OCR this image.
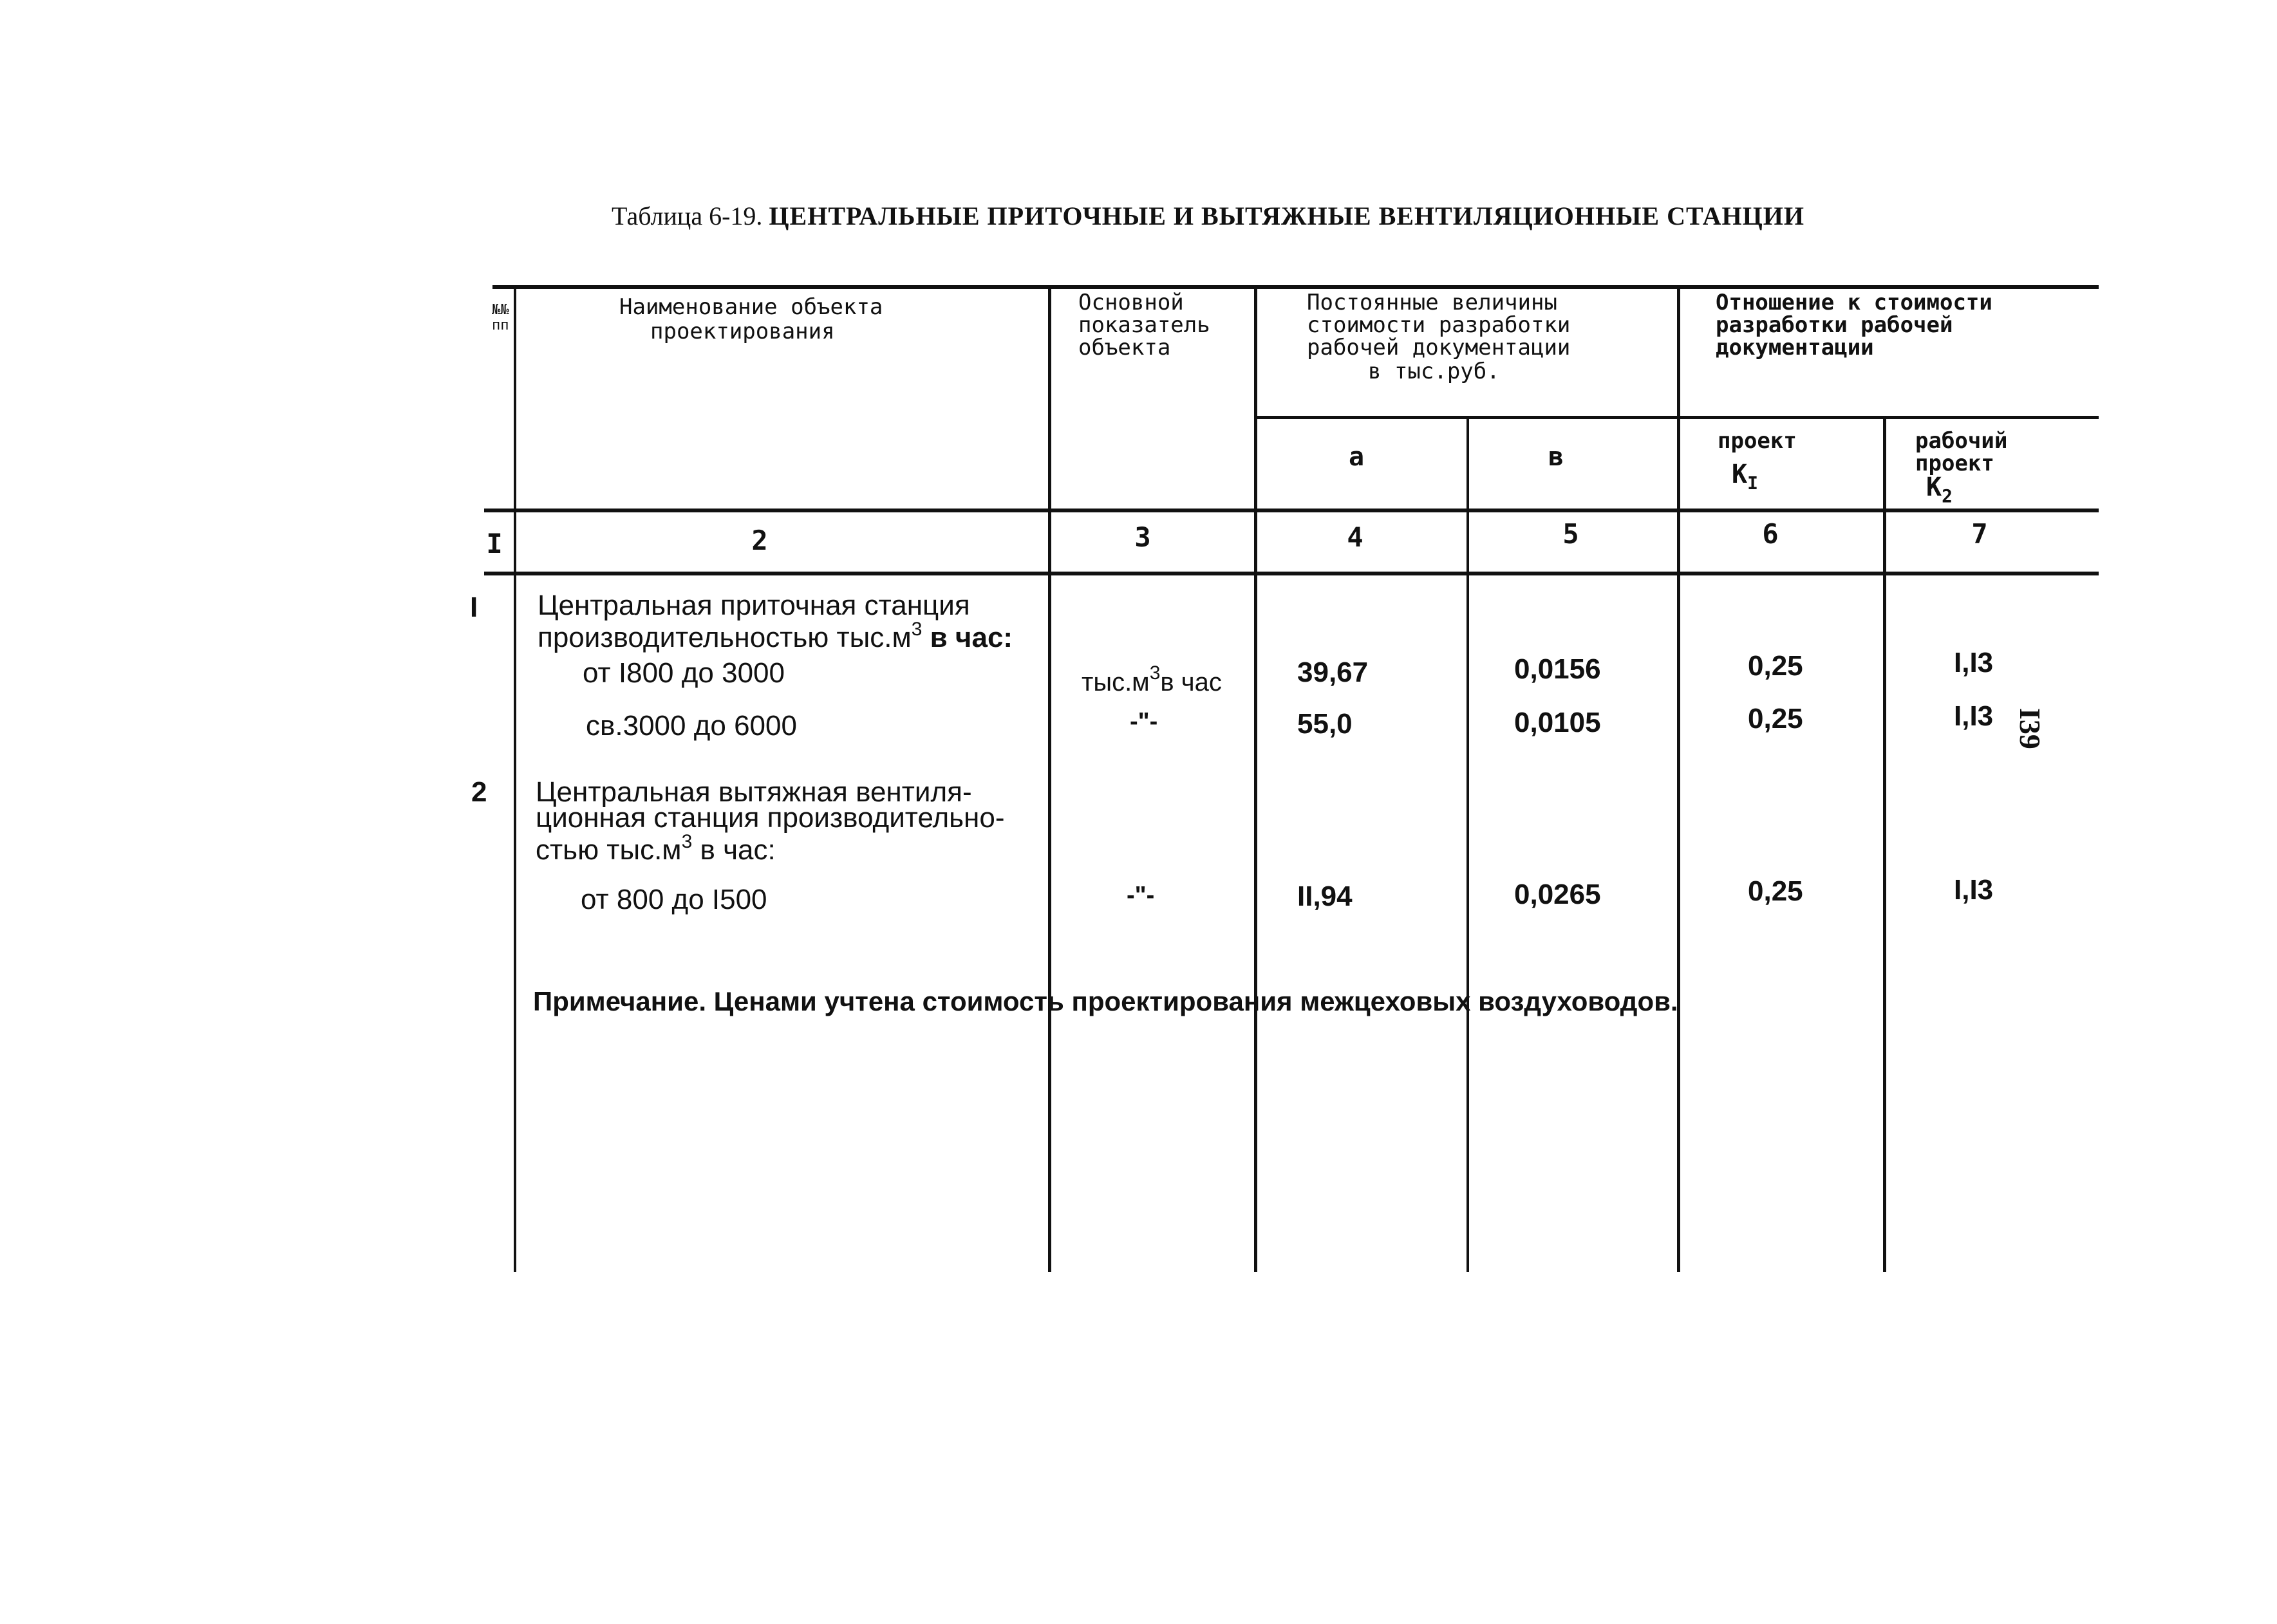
Таблица 6-19. ЦЕНТРАЛЬНЫЕ ПРИТОЧНЫЕ И ВЫТЯЖНЫЕ ВЕНТИЛЯЦИОННЫЕ СТАНЦИИ
№№ пп
Наименование объекта
проектирования
Основной
показатель
объекта
Постоянные величины
стоимости разработки
рабочей документации
в тыс.руб.
а	в
Отношение к стоимости
разработки рабочей
документации
проект
$К_I$
рабочий
проект
$К_2$
I	2	3	4	5	6	7
I Центральная приточная станция
производительностью $тыс.м^3$ в час:
от I800 до 3000	$тыс.м^3в$ час	39,67	0,0156	0,25	I,I3
св.3000 до 6000	-"-	55,0	0,0105	0,25	I,I3
2 Центральная вытяжная вентиля-
ционная станция производительно-
стью $тыс.м^3$ в час:
от 800 до I500	-"-	II,94	0,0265	0,25	I,I3
Примечание. Ценами учтена стоимость проектирования межцеховых воздуховодов.
I39
